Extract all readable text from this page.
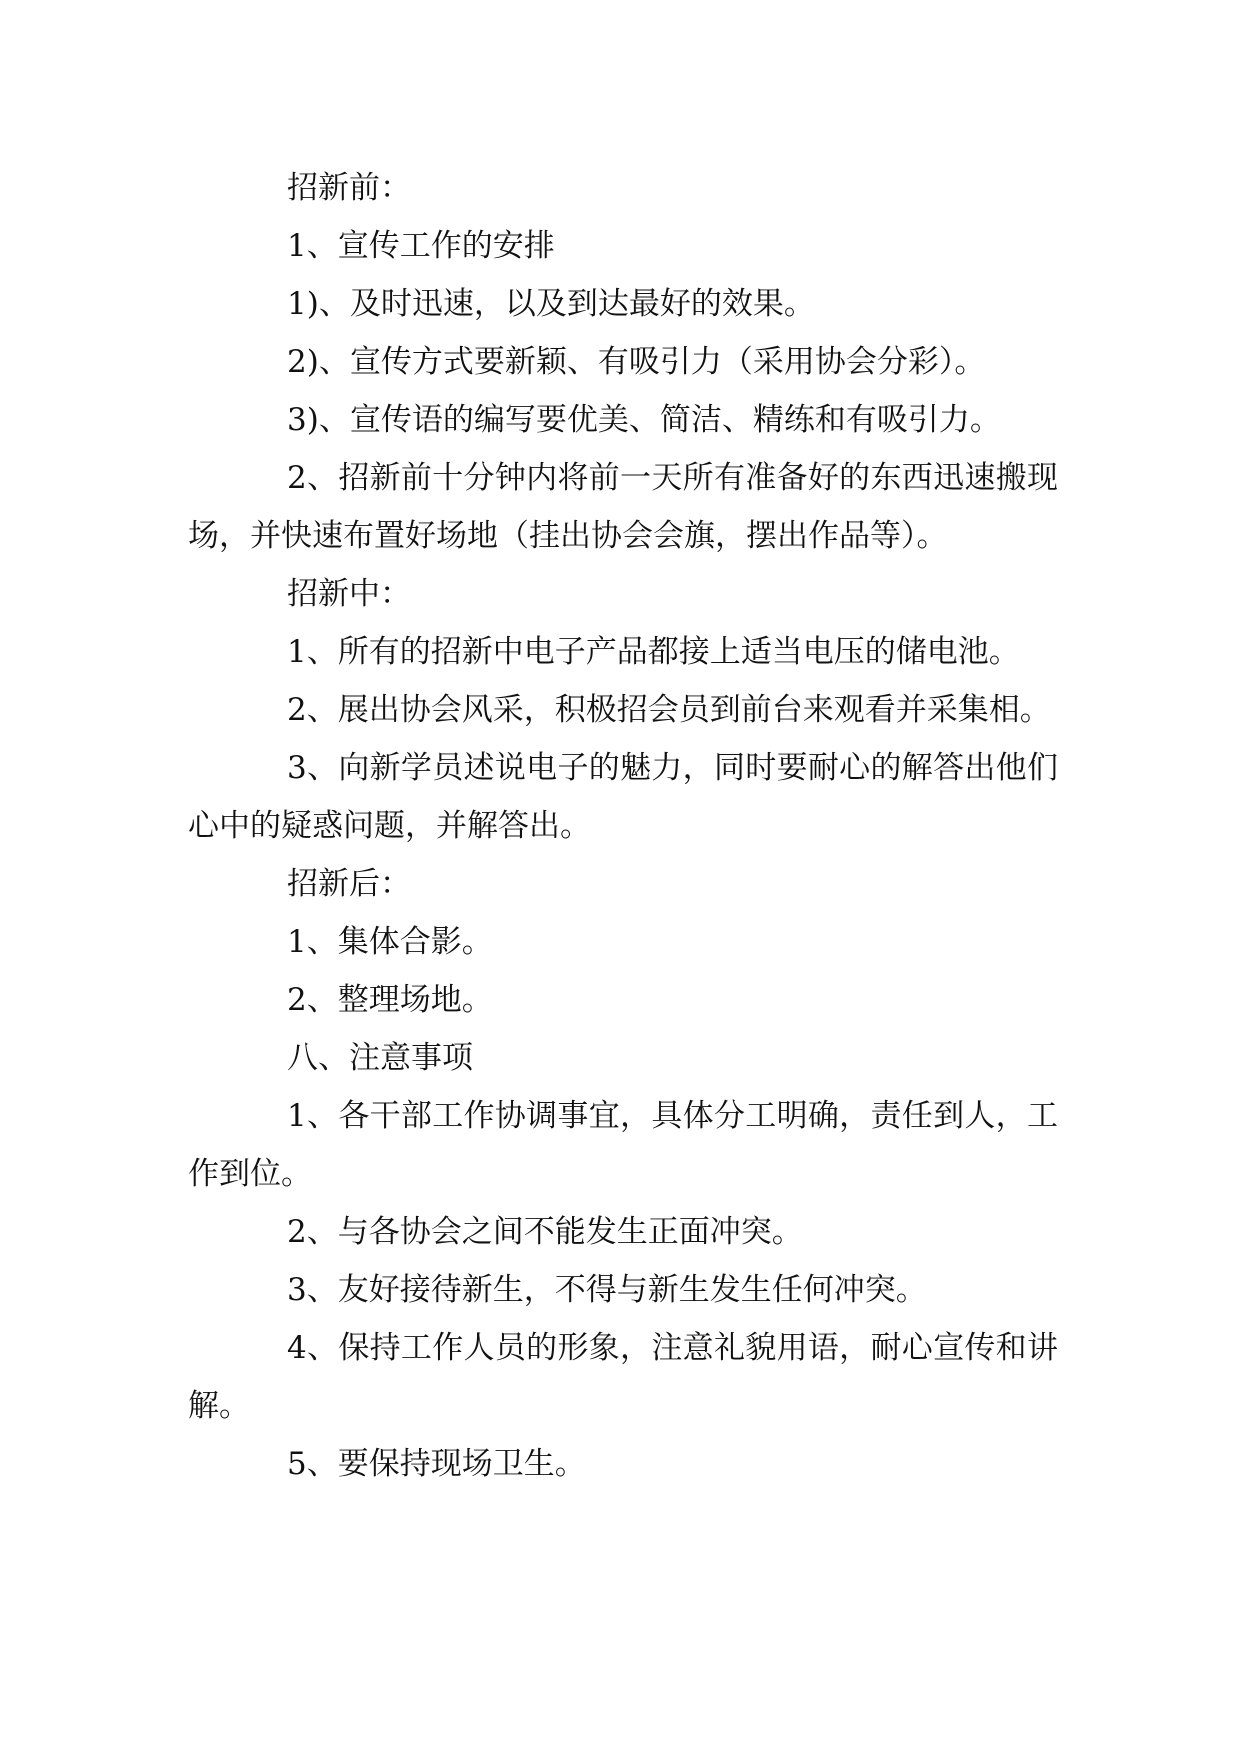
招新前：

1、宣传工作的安排

1)、及时迅速，以及到达最好的效果。

2)、宣传方式要新颖、有吸引力（采用协会分彩）。

3)、宣传语的编写要优美、简洁、精练和有吸引力。

2、招新前十分钟内将前一天所有准备好的东西迅速搬现场，并快速布置好场地（挂出协会会旗，摆出作品等）。

招新中：

1、所有的招新中电子产品都接上适当电压的储电池。

2、展出协会风采，积极招会员到前台来观看并采集相。

3、向新学员述说电子的魅力，同时要耐心的解答出他们心中的疑惑问题，并解答出。

招新后：

1、集体合影。

2、整理场地。

八、注意事项

1、各干部工作协调事宜，具体分工明确，责任到人，工作到位。

2、与各协会之间不能发生正面冲突。

3、友好接待新生，不得与新生发生任何冲突。

4、保持工作人员的形象，注意礼貌用语，耐心宣传和讲解。

5、要保持现场卫生。
